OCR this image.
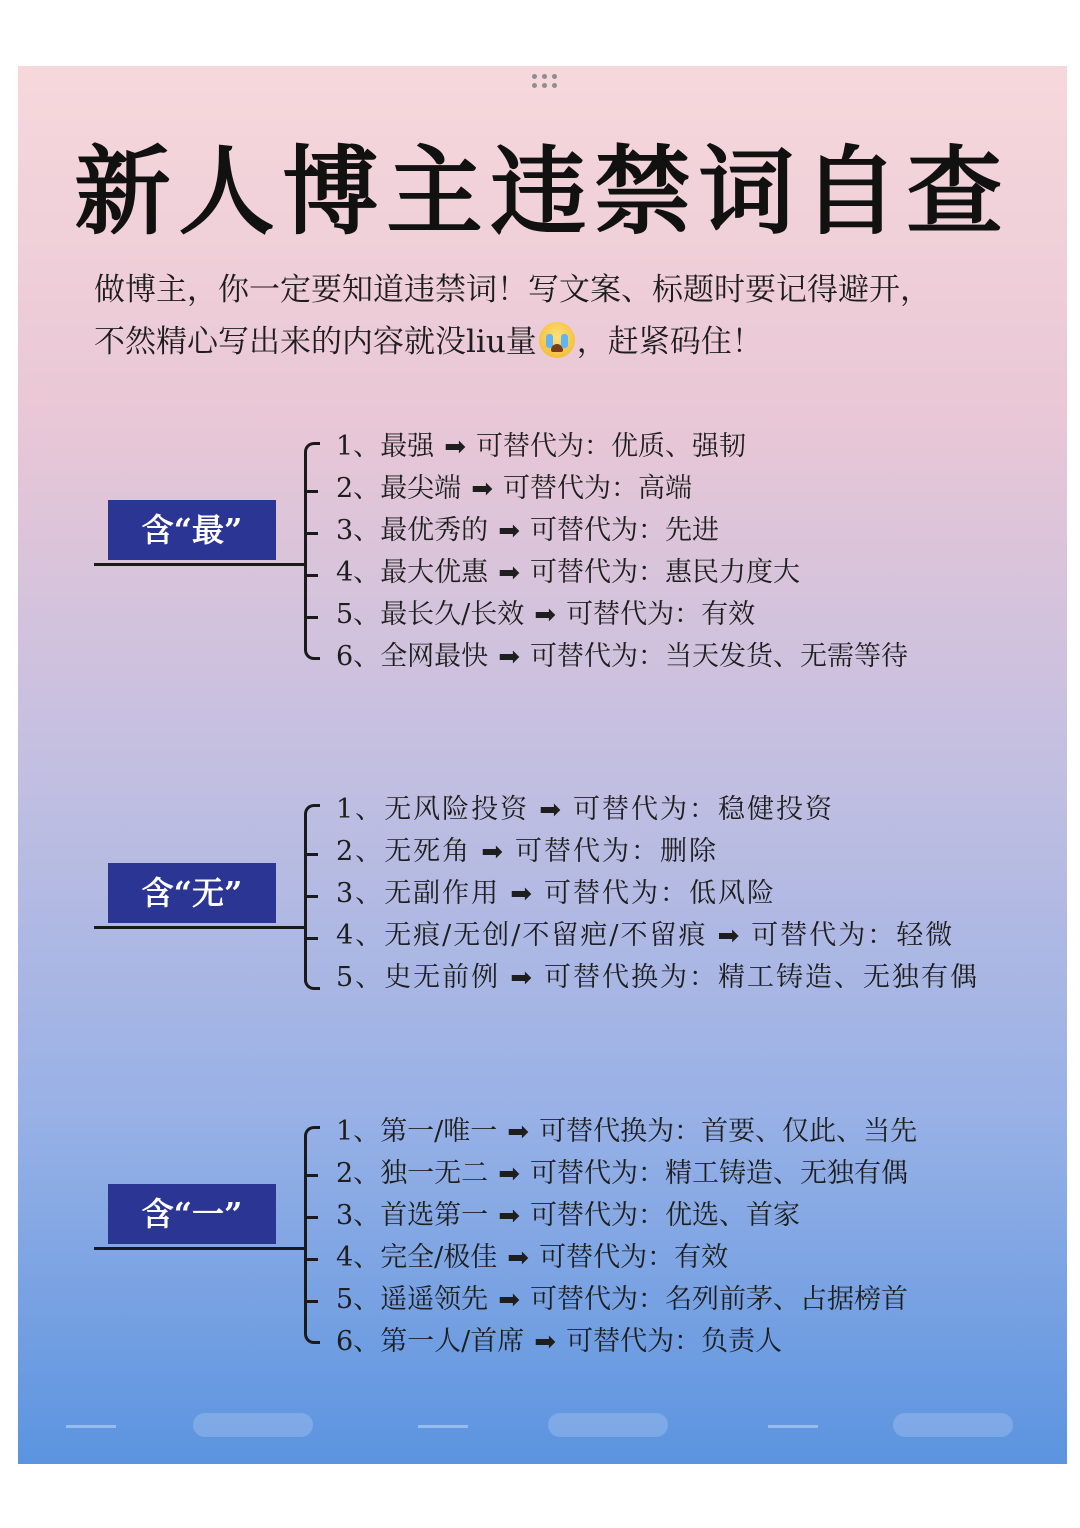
新人博主违禁词自查
做博主，你一定要知道违禁词！写文案、标题时要记得避开，
不然精心写出来的内容就没liu量 ，赶紧码住！
含“最”
1、最强 ➡ 可替代为：优质、强韧
2、最尖端 ➡ 可替代为：高端
3、最优秀的 ➡ 可替代为：先进
4、最大优惠 ➡ 可替代为：惠民力度大
5、最长久/长效 ➡ 可替代为：有效
6、全网最快 ➡ 可替代为：当天发货、无需等待
含“无”
1、无风险投资 ➡ 可替代为：稳健投资
2、无死角 ➡ 可替代为：删除
3、无副作用 ➡ 可替代为：低风险
4、无痕/无创/不留疤/不留痕 ➡ 可替代为：轻微
5、史无前例 ➡ 可替代换为：精工铸造、无独有偶
含“一”
1、第一/唯一 ➡ 可替代换为：首要、仅此、当先
2、独一无二 ➡ 可替代为：精工铸造、无独有偶
3、首选第一 ➡ 可替代为：优选、首家
4、完全/极佳 ➡ 可替代为：有效
5、遥遥领先 ➡ 可替代为：名列前茅、占据榜首
6、第一人/首席 ➡ 可替代为：负责人
